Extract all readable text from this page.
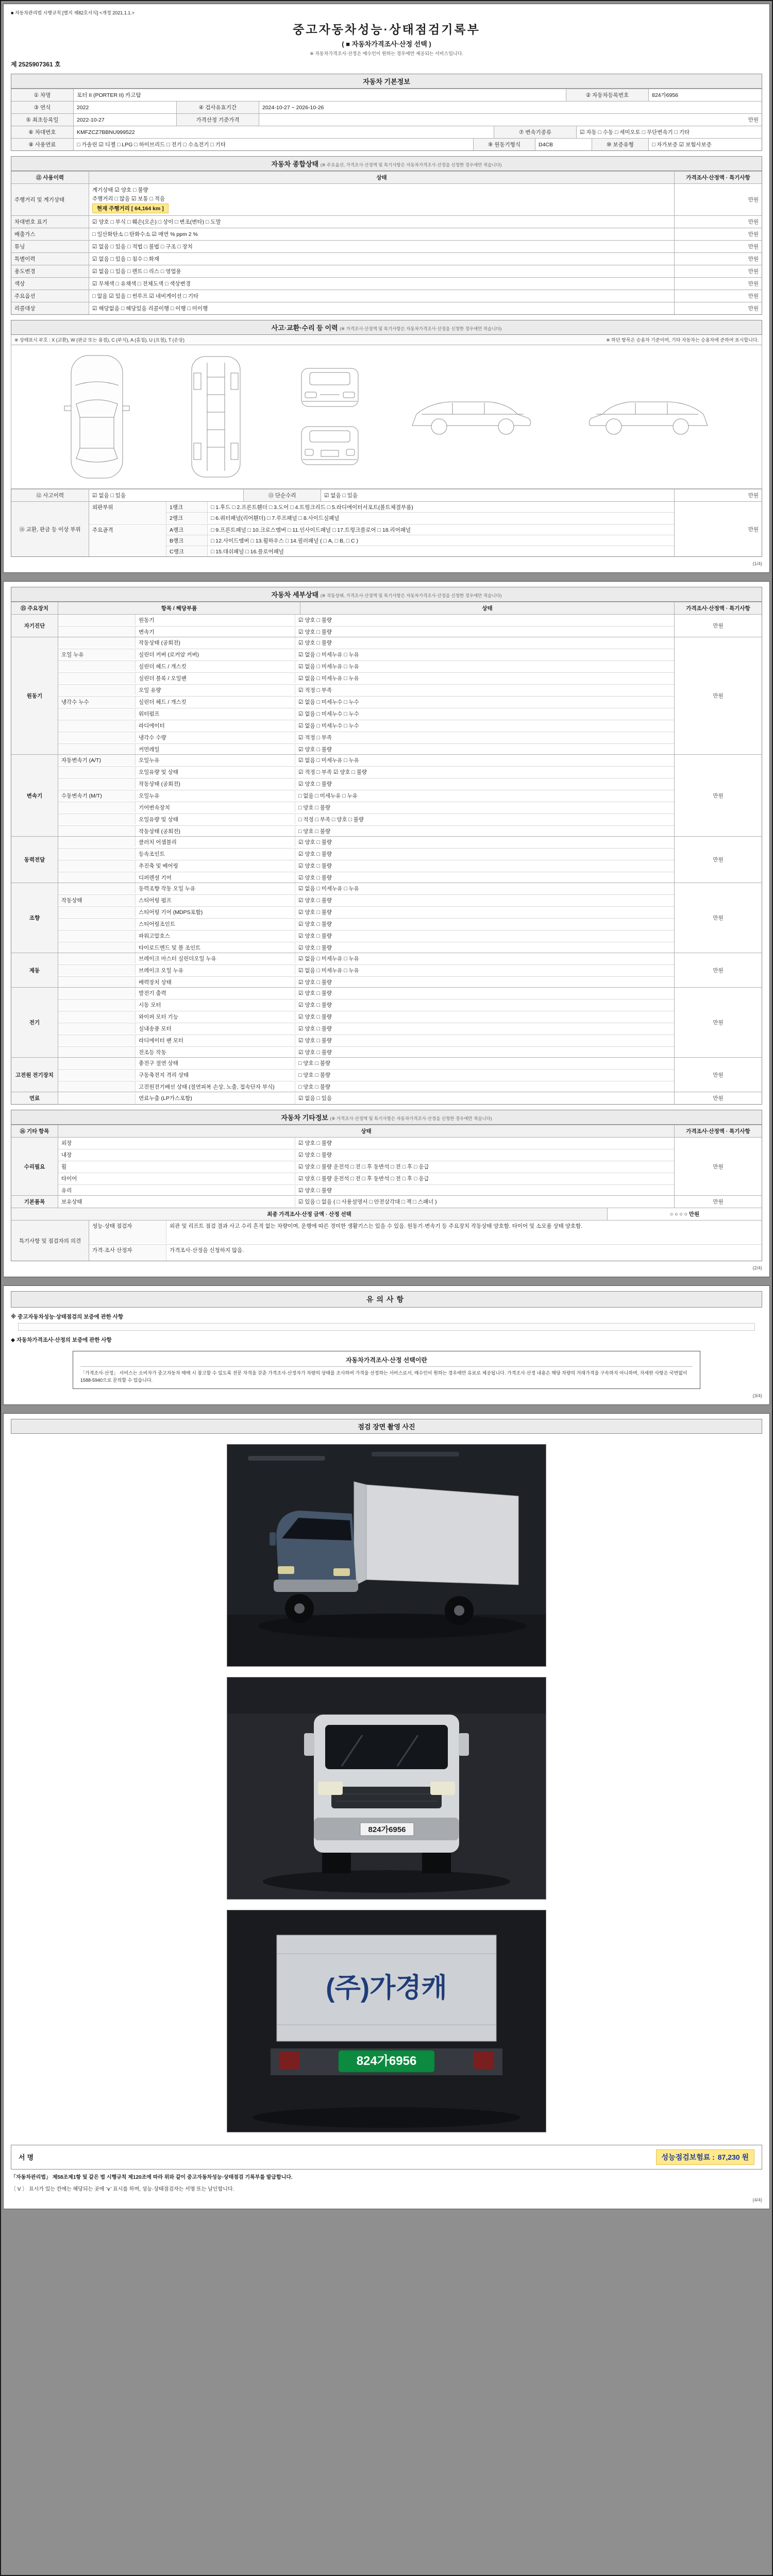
■ 자동차관리법 시행규칙 [별지 제82호서식] <개정 2021.1.1.>
중고자동차성능·상태점검기록부
( ■ 자동차가격조사·산정 선택 )
※ 자동차가격조사·산정은 매수인이 원하는 경우에만 제공되는 서비스입니다.
제 2525907361 호
자동차 기본정보
① 차명	포터 II (PORTER II) 카고탑	② 자동차등록번호	824가6956
③ 연식	2022	④ 검사유효기간	2024-10-27 ~ 2026-10-26
⑤ 최초등록일	2022-10-27	가격산정 기준가격	만원
⑥ 차대번호	KMFZCZ7BBNU999522	⑦ 변속기종류	☑ 자동 □ 수동 □ 세미오토 □ 무단변속기 □ 기타
⑧ 사용연료	□ 가솔린 ☑ 디젤 □ LPG □ 하이브리드 □ 전기 □ 수소전기 □ 기타	⑨ 원동기형식	D4CB	⑩ 보증유형	□ 자가보증 ☑ 보험사보증
자동차 종합상태 (※ 주요옵션, 가격조사·산정액 및 특기사항은 자동차가격조사·산정을 신청한 경우에만 적습니다)
⑪ 사용이력	상태	가격조사·산정액 · 특기사항
주행거리 및 계기상태
계기상태 ☑ 양호 □ 불량
주행거리 □ 많음 ☑ 보통 □ 적음
현재 주행거리 [ 64,164 km ]
만원
차대번호 표기	☑ 양호 □ 부식 □ 훼손(오손) □ 상이 □ 변조(변타) □ 도말	만원
배출가스	□ 일산화탄소 □ 탄화수소 ☑ 매연 % ppm 2 %	만원
튜닝	☑ 없음 □ 있음 □ 적법 □ 불법 □ 구조 □ 장치	만원
특별이력	☑ 없음 □ 있음 □ 침수 □ 화재	만원
용도변경	☑ 없음 □ 있음 □ 렌트 □ 리스 □ 영업용	만원
색상	☑ 무채색 □ 유채색 □ 전체도색 □ 색상변경	만원
주요옵션	□ 없음 ☑ 있음 □ 썬루프 ☑ 네비게이션 □ 기타	만원
리콜대상	☑ 해당없음 □ 해당있음 리콜이행 □ 이행 □ 미이행	만원
사고·교환·수리 등 이력 (※ 가격조사·산정액 및 특기사항은 자동차가격조사·산정을 신청한 경우에만 적습니다)
※ 상태표시 부호 : X (교환), W (판금 또는 용접), C (부식), A (흠집), U (요철), T (손상)	※ 하단 항목은 승용차 기준이며, 기타 자동차는 승용차에 준하여 표시합니다.
⑫ 사고이력	☑ 없음 □ 있음	⑬ 단순수리	☑ 없음 □ 있음	만원
⑭ 교환, 판금 등 이상 부위
외판부위	1랭크	□ 1.후드 □ 2.프론트휀더 □ 3.도어 □ 4.트렁크리드 □ 5.라디에이터서포트(볼트체결부품)
2랭크	□ 6.쿼터패널(리어휀더) □ 7.루프패널 □ 8.사이드실패널
주요골격	A랭크	□ 9.프론트패널 □ 10.크로스멤버 □ 11.인사이드패널 □ 17.트렁크플로어 □ 18.리어패널
B랭크	□ 12.사이드멤버 □ 13.휠하우스 □ 14.필러패널 ( □ A, □ B, □ C )
C랭크	□ 15.대쉬패널 □ 16.플로어패널
만원
(1/4)
자동차 세부상태 (※ 작동상태, 가격조사·산정액 및 특기사항은 자동차가격조사·산정을 신청한 경우에만 적습니다)
⑮ 주요장치	항목 / 해당부품	상태	가격조사·산정액 · 특기사항
자기진단
원동기	☑ 양호 □ 불량
변속기	☑ 양호 □ 불량
만원
원동기
작동상태 (공회전)	☑ 양호 □ 불량
오일 누유	실린더 커버 (로커암 커버)	☑ 없음 □ 미세누유 □ 누유
실린더 헤드 / 개스킷	☑ 없음 □ 미세누유 □ 누유
실린더 블록 / 오일팬	☑ 없음 □ 미세누유 □ 누유
오일 유량	☑ 적정 □ 부족
냉각수 누수	실린더 헤드 / 개스킷	☑ 없음 □ 미세누수 □ 누수
워터펌프	☑ 없음 □ 미세누수 □ 누수
라디에이터	☑ 없음 □ 미세누수 □ 누수
냉각수 수량	☑ 적정 □ 부족
커먼레일	☑ 양호 □ 불량
만원
변속기
자동변속기 (A/T)	오일누유	☑ 없음 □ 미세누유 □ 누유
오일유량 및 상태	☑ 적정 □ 부족 ☑ 양호 □ 불량
작동상태 (공회전)	☑ 양호 □ 불량
수동변속기 (M/T)	오일누유	□ 없음 □ 미세누유 □ 누유
기어변속장치	□ 양호 □ 불량
오일유량 및 상태	□ 적정 □ 부족 □ 양호 □ 불량
작동상태 (공회전)	□ 양호 □ 불량
만원
동력전달
클러치 어셈블리	☑ 양호 □ 불량
등속조인트	☑ 양호 □ 불량
추진축 및 베어링	☑ 양호 □ 불량
디퍼렌셜 기어	☑ 양호 □ 불량
만원
조향
동력조향 작동 오일 누유	☑ 없음 □ 미세누유 □ 누유
작동상태	스티어링 펌프	☑ 양호 □ 불량
스티어링 기어 (MDPS포함)	☑ 양호 □ 불량
스티어링조인트	☑ 양호 □ 불량
파워고압호스	☑ 양호 □ 불량
타이로드엔드 및 볼 조인트	☑ 양호 □ 불량
만원
제동
브레이크 마스터 실린더오일 누유	☑ 없음 □ 미세누유 □ 누유
브레이크 오일 누유	☑ 없음 □ 미세누유 □ 누유
배력장치 상태	☑ 양호 □ 불량
만원
전기
발전기 출력	☑ 양호 □ 불량
시동 모터	☑ 양호 □ 불량
와이퍼 모터 기능	☑ 양호 □ 불량
실내송풍 모터	☑ 양호 □ 불량
라디에이터 팬 모터	☑ 양호 □ 불량
전조등 작동	☑ 양호 □ 불량
만원
고전원 전기장치
충전구 절연 상태	□ 양호 □ 불량
구동축전지 격리 상태	□ 양호 □ 불량
고전원전기배선 상태 (절연피복 손상, 노출, 접속단자 부식)	□ 양호 □ 불량
만원
연료	연료누출 (LP가스포함)	☑ 없음 □ 있음	만원
자동차 기타정보 (※ 가격조사·산정액 및 특기사항은 자동차가격조사·산정을 신청한 경우에만 적습니다)
⑯ 기타 항목	상태	가격조사·산정액 · 특기사항
수리필요
외장	☑ 양호 □ 불량
내장	☑ 양호 □ 불량
휠	☑ 양호 □ 불량 운전석 □ 전 □ 후 동반석 □ 전 □ 후 □ 응급
타이어	☑ 양호 □ 불량 운전석 □ 전 □ 후 동반석 □ 전 □ 후 □ 응급
유리	☑ 양호 □ 불량
만원
기본품목	보유상태	☑ 있음 □ 없음 ( □ 사용설명서 □ 안전삼각대 □ 잭 □ 스패너 )	만원
최종 가격조사·산정 금액 · 산정 선택	○ ○ ○ ○ 만원
특기사항 및 점검자의 의견
성능·상태 점검자	외관 및 리프트 점검 결과 사고 수리 흔적 없는 차량이며, 운행에 따른 경미한 생활기스는 있을 수 있음. 원동기·변속기 등 주요장치 작동상태 양호함. 타이어 및 소모품 상태 양호함.
가격·조사 산정자	가격조사·산정을 신청하지 않음.
(2/4)
유의사항
※ 중고자동차성능·상태점검의 보증에 관한 사항
◆ 자동차가격조사·산정의 보증에 관한 사항
자동차가격조사·산정 선택이란
「가격조사·산정」 서비스는 소비자가 중고자동차 매매 시 참고할 수 있도록 전문 자격을 갖춘 가격조사·산정자가 차량의 상태를 조사하여 가격을 산정하는 서비스로서, 매수인이 원하는 경우에만 유료로 제공됩니다. 가격조사·산정 내용은 해당 차량의 거래가격을 구속하지 아니하며, 자세한 사항은 국번없이 1588-5940으로 문의할 수 있습니다.
(3/4)
점검 장면 촬영 사진
824가6956
(주)가경캐
824가6956
서명	성능점검보험료 : 87,230 원
「자동차관리법」 제58조제1항 및 같은 법 시행규칙 제120조에 따라 위와 같이 중고자동차성능·상태점검 기록부를 발급합니다.
〔 V 〕 표시가 있는 칸에는 해당되는 곳에 '∨' 표시를 하며, 성능·상태점검자는 서명 또는 날인합니다.
(4/4)
